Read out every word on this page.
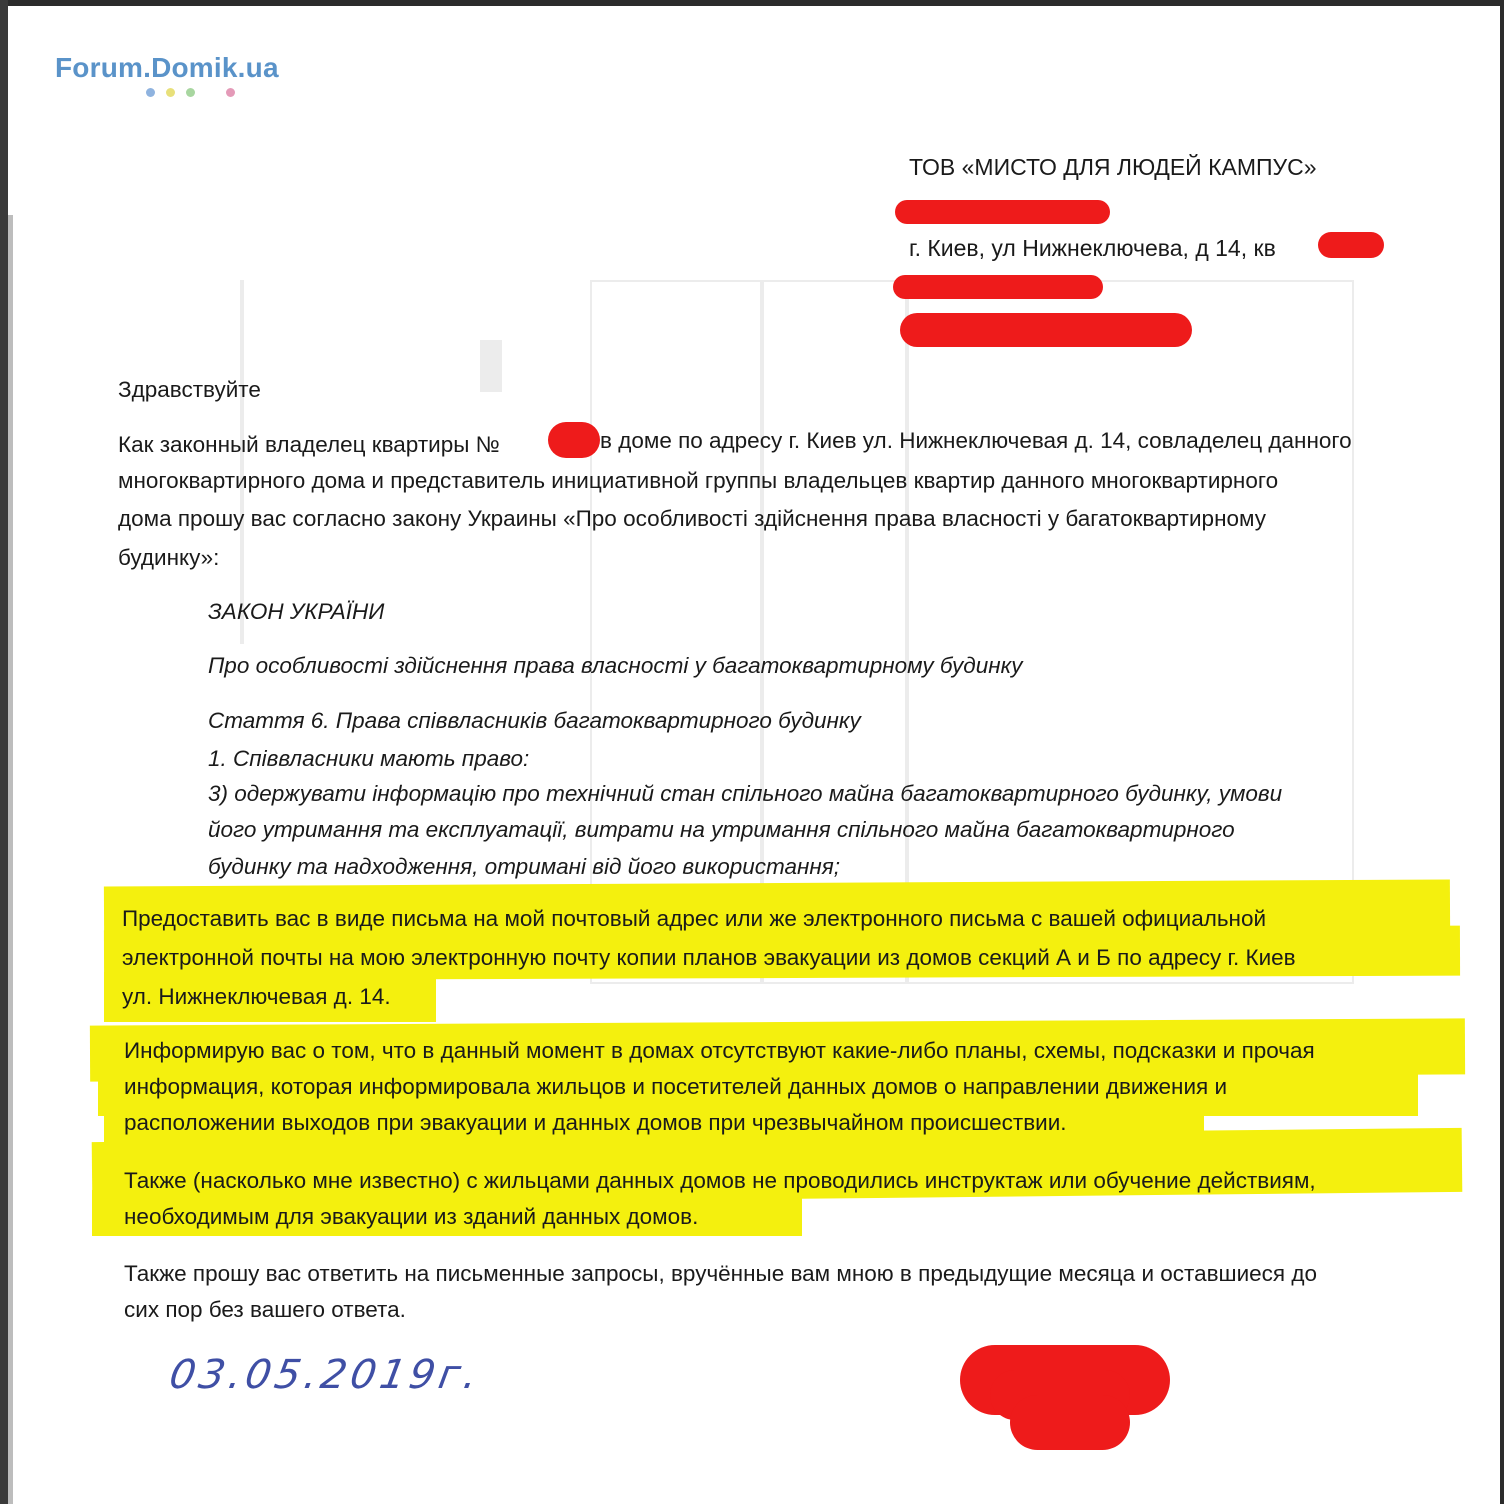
Forum.Domik.ua
ТОВ «МИСТО ДЛЯ ЛЮДЕЙ КАМПУС»
г. Киев, ул Нижнеключева, д 14, кв
Здравствуйте
Как законный владелец квартиры №	в доме по адресу г. Киев ул. Нижнеключевая д. 14, совладелец данного
многоквартирного дома и представитель инициативной группы владельцев квартир данного многоквартирного
дома прошу вас согласно закону Украины «Про особливості здійснення права власності у багатоквартирному
будинку»:
ЗАКОН УКРАЇНИ
Про особливості здійснення права власності у багатоквартирному будинку
Стаття 6. Права співвласників багатоквартирного будинку
1. Співвласники мають право:
3) одержувати інформацію про технічний стан спільного майна багатоквартирного будинку, умови
його утримання та експлуатації, витрати на утримання спільного майна багатоквартирного
будинку та надходження, отримані від його використання;
Предоставить вас в виде письма на мой почтовый адрес или же электронного письма с вашей официальной
электронной почты на мою электронную почту копии планов эвакуации из домов секций А и Б по адресу г. Киев
ул. Нижнеключевая д. 14.
Информирую вас о том, что в данный момент в домах отсутствуют какие-либо планы, схемы, подсказки и прочая
информация, которая информировала жильцов и посетителей данных домов о направлении движения и
расположении выходов при эвакуации и данных домов при чрезвычайном происшествии.
Также (насколько мне известно) с жильцами данных домов не проводились инструктаж или обучение действиям,
необходимым для эвакуации из зданий данных домов.
Также прошу вас ответить на письменные запросы, вручённые вам мною в предыдущие месяца и оставшиеся до
сих пор без вашего ответа.
03.05.2019г.
